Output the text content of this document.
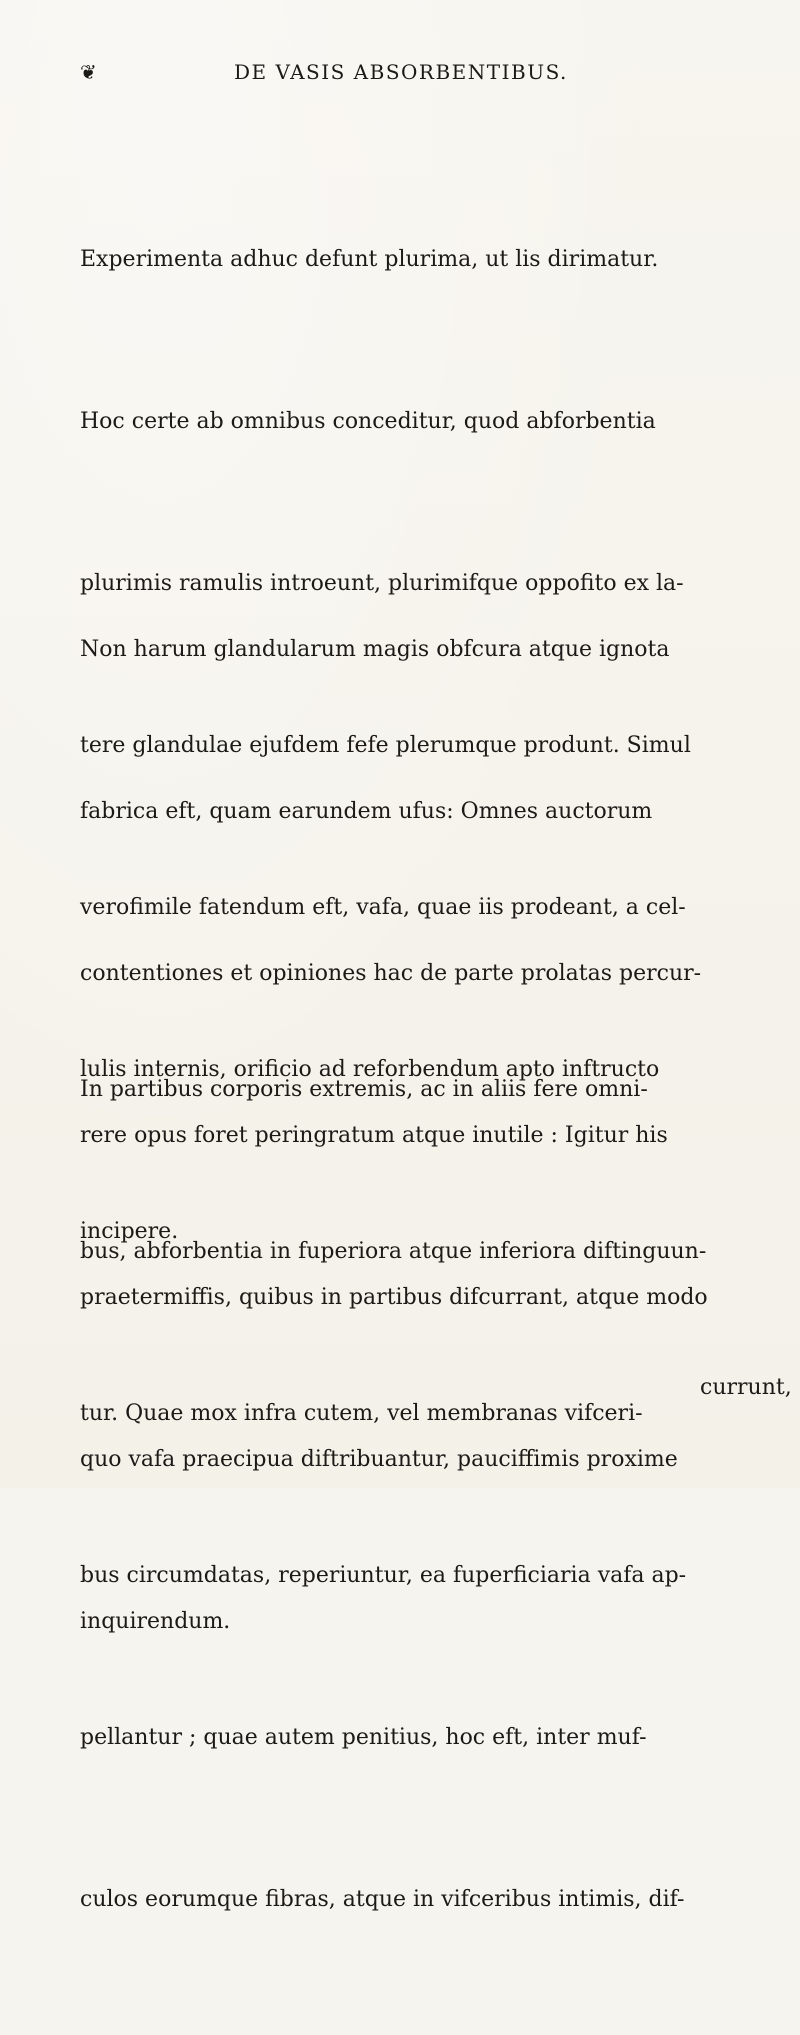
❦	DE VASIS ABSORBENTIBUS.

Experimenta adhuc defunt plurima, ut lis dirimatur.

Hoc certe ab omnibus conceditur, quod abforbentia

plurimis ramulis introeunt, plurimifque oppofito ex la-

tere glandulae ejufdem fefe plerumque produnt. Simul

verofimile fatendum eft, vafa, quae iis prodeant, a cel-

lulis internis, orificio ad reforbendum apto inftructo

incipere.

Non harum glandularum magis obfcura atque ignota

fabrica eft, quam earundem ufus: Omnes auctorum

contentiones et opiniones hac de parte prolatas percur-

rere opus foret peringratum atque inutile : Igitur his

praetermiffis, quibus in partibus difcurrant, atque modo

quo vafa praecipua diftribuantur, pauciffimis proxime

inquirendum.

In partibus corporis extremis, ac in aliis fere omni-

bus, abforbentia in fuperiora atque inferiora diftinguun-

tur. Quae mox infra cutem, vel membranas vifceri-

bus circumdatas, reperiuntur, ea fuperficiaria vafa ap-

pellantur ; quae autem penitius, hoc eft, inter muf-

culos eorumque fibras, atque in vifceribus intimis, dif-

currunt,
